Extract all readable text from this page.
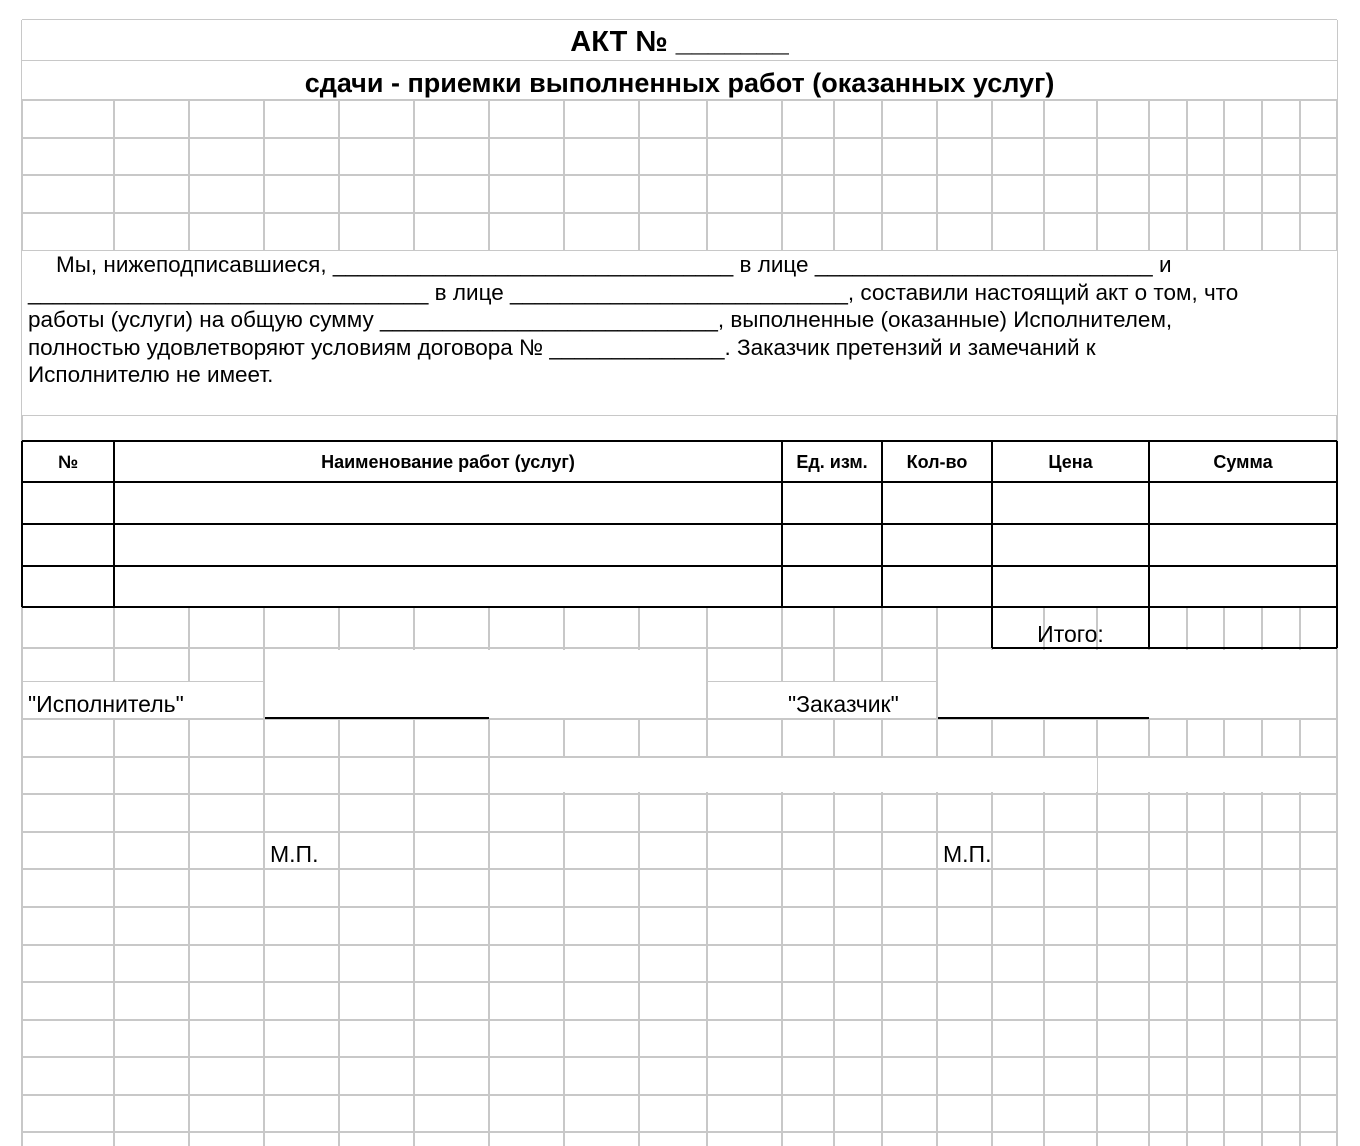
АКТ № _______
сдачи - приемки выполненных работ (оказанных услуг)
Мы, нижеподписавшиеся, ________________________________ в лице ___________________________ и
________________________________ в лице ___________________________, составили настоящий акт о том, что
работы (услуги) на общую сумму ___________________________, выполненные (оказанные) Исполнителем,
полностью удовлетворяют условиям договора № ______________. Заказчик претензий и замечаний к
Исполнителю не имеет.
№	Наименование работ (услуг)	Ед. изм.	Кол-во	Цена	Сумма
Итого:
"Исполнитель"	"Заказчик"
М.П.	М.П.
